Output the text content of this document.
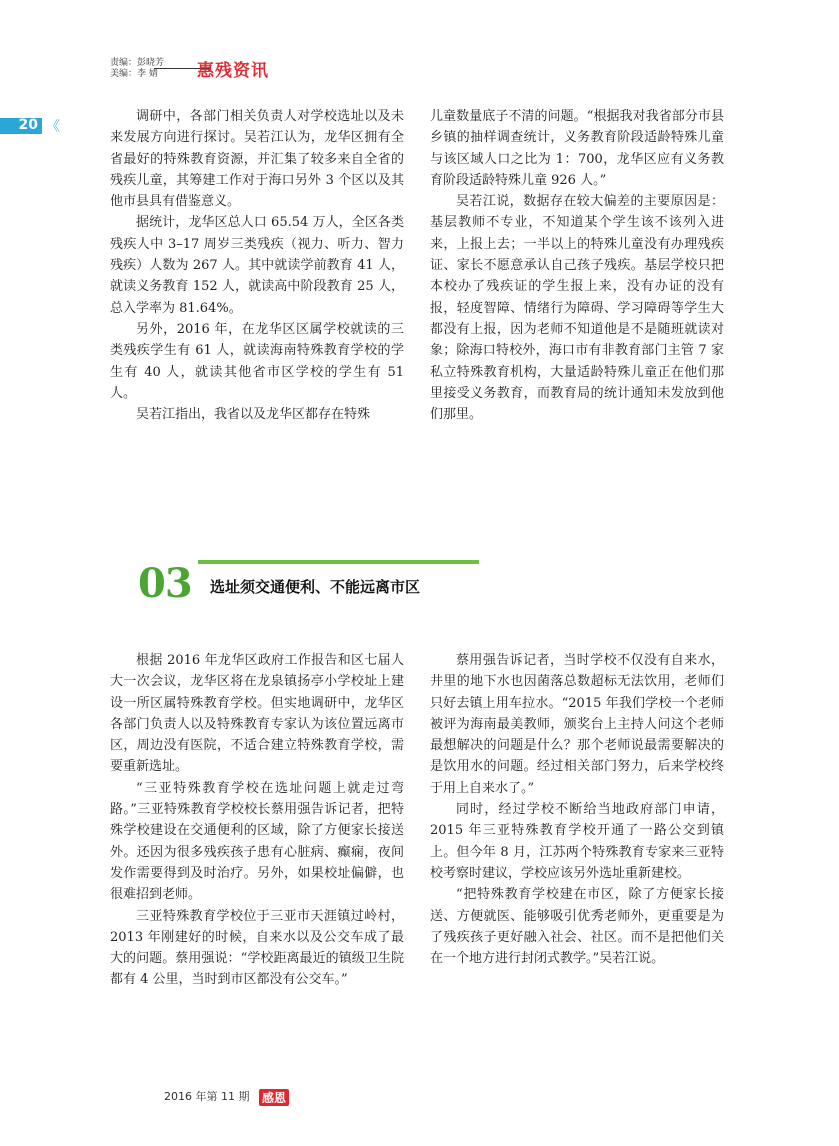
责编：彭晓芳
美编：李 婧	惠残资讯
20 《

调研中，各部门相关负责人对学校选址以及未来发展方向进行探讨。吴若江认为，龙华区拥有全省最好的特殊教育资源，并汇集了较多来自全省的残疾儿童，其筹建工作对于海口另外 3 个区以及其他市县具有借鉴意义。

据统计，龙华区总人口 65.54 万人，全区各类残疾人中 3–17 周岁三类残疾（视力、听力、智力残疾）人数为 267 人。其中就读学前教育 41 人，就读义务教育 152 人，就读高中阶段教育 25 人，总入学率为 81.64%。

另外，2016 年，在龙华区区属学校就读的三类残疾学生有 61 人，就读海南特殊教育学校的学生有 40 人，就读其他省市区学校的学生有 51 人。

吴若江指出，我省以及龙华区都存在特殊

儿童数量底子不清的问题。“根据我对我省部分市县乡镇的抽样调查统计，义务教育阶段适龄特殊儿童与该区域人口之比为 1：700，龙华区应有义务教育阶段适龄特殊儿童 926 人。”

吴若江说，数据存在较大偏差的主要原因是：基层教师不专业，不知道某个学生该不该列入进来，上报上去；一半以上的特殊儿童没有办理残疾证、家长不愿意承认自己孩子残疾。基层学校只把本校办了残疾证的学生报上来，没有办证的没有报，轻度智障、情绪行为障碍、学习障碍等学生大都没有上报，因为老师不知道他是不是随班就读对象；除海口特校外，海口市有非教育部门主管 7 家私立特殊教育机构，大量适龄特殊儿童正在他们那里接受义务教育，而教育局的统计通知未发放到他们那里。

03 选址须交通便利、不能远离市区

根据 2016 年龙华区政府工作报告和区七届人大一次会议，龙华区将在龙泉镇扬亭小学校址上建设一所区属特殊教育学校。但实地调研中，龙华区各部门负责人以及特殊教育专家认为该位置远离市区，周边没有医院，不适合建立特殊教育学校，需要重新选址。

“三亚特殊教育学校在选址问题上就走过弯路。”三亚特殊教育学校校长蔡用强告诉记者，把特殊学校建设在交通便利的区域，除了方便家长接送外。还因为很多残疾孩子患有心脏病、癫痫，夜间发作需要得到及时治疗。另外，如果校址偏僻，也很难招到老师。

三亚特殊教育学校位于三亚市天涯镇过岭村，2013 年刚建好的时候，自来水以及公交车成了最大的问题。蔡用强说：“学校距离最近的镇级卫生院都有 4 公里，当时到市区都没有公交车。”

蔡用强告诉记者，当时学校不仅没有自来水，井里的地下水也因菌落总数超标无法饮用，老师们只好去镇上用车拉水。“2015 年我们学校一个老师被评为海南最美教师，颁奖台上主持人问这个老师最想解决的问题是什么？那个老师说最需要解决的是饮用水的问题。经过相关部门努力，后来学校终于用上自来水了。”

同时，经过学校不断给当地政府部门申请，2015 年三亚特殊教育学校开通了一路公交到镇上。但今年 8 月，江苏两个特殊教育专家来三亚特校考察时建议，学校应该另外选址重新建校。

“把特殊教育学校建在市区，除了方便家长接送、方便就医、能够吸引优秀老师外，更重要是为了残疾孩子更好融入社会、社区。而不是把他们关在一个地方进行封闭式教学。”吴若江说。

2016 年第 11 期 感恩
